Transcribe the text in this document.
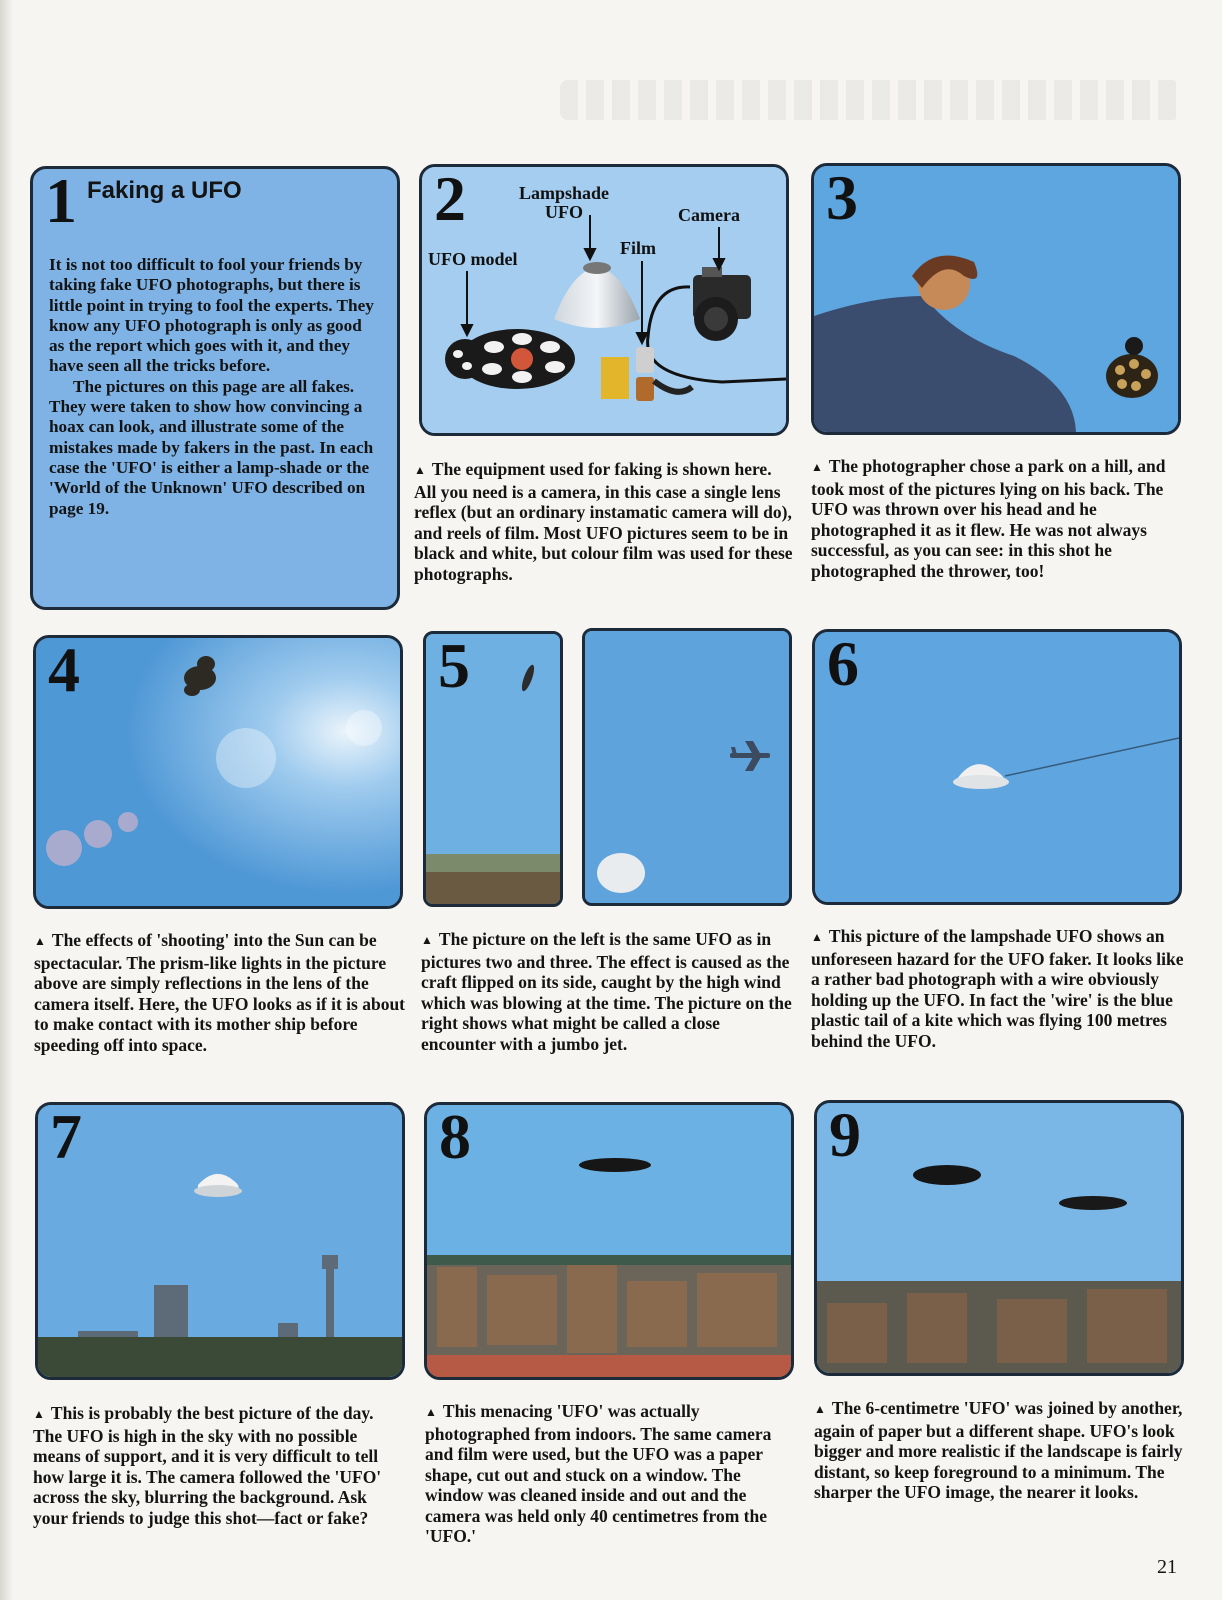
1 Faking a UFO

It is not too difficult to fool your friends by taking fake UFO photographs, but there is little point in trying to fool the experts. They know any UFO photograph is only as good as the report which goes with it, and they have seen all the tricks before.

The pictures on this page are all fakes. They were taken to show how convincing a hoax can look, and illustrate some of the mistakes made by fakers in the past. In each case the 'UFO' is either a lamp-shade or the 'World of the Unknown' UFO described on page 19.

2	Lampshade UFO	Camera
Film
UFO model
3
▲ The equipment used for faking is shown here. All you need is a camera, in this case a single lens reflex (but an ordinary instamatic camera will do), and reels of film. Most UFO pictures seem to be in black and white, but colour film was used for these photographs.
▲ The photographer chose a park on a hill, and took most of the pictures lying on his back. The UFO was thrown over his head and he photographed it as it flew. He was not always successful, as you can see: in this shot he photographed the thrower, too!
4	5	6
▲ The effects of 'shooting' into the Sun can be spectacular. The prism-like lights in the picture above are simply reflections in the lens of the camera itself. Here, the UFO looks as if it is about to make contact with its mother ship before speeding off into space.
▲ The picture on the left is the same UFO as in pictures two and three. The effect is caused as the craft flipped on its side, caught by the high wind which was blowing at the time. The picture on the right shows what might be called a close encounter with a jumbo jet.
▲ This picture of the lampshade UFO shows an unforeseen hazard for the UFO faker. It looks like a rather bad photograph with a wire obviously holding up the UFO. In fact the 'wire' is the blue plastic tail of a kite which was flying 100 metres behind the UFO.
7	8	9
▲ This is probably the best picture of the day. The UFO is high in the sky with no possible means of support, and it is very difficult to tell how large it is. The camera followed the 'UFO' across the sky, blurring the background. Ask your friends to judge this shot—fact or fake?
▲ This menacing 'UFO' was actually photographed from indoors. The same camera and film were used, but the UFO was a paper shape, cut out and stuck on a window. The window was cleaned inside and out and the camera was held only 40 centimetres from the 'UFO.'
▲ The 6-centimetre 'UFO' was joined by another, again of paper but a different shape. UFO's look bigger and more realistic if the landscape is fairly distant, so keep foreground to a minimum. The sharper the UFO image, the nearer it looks.
21
